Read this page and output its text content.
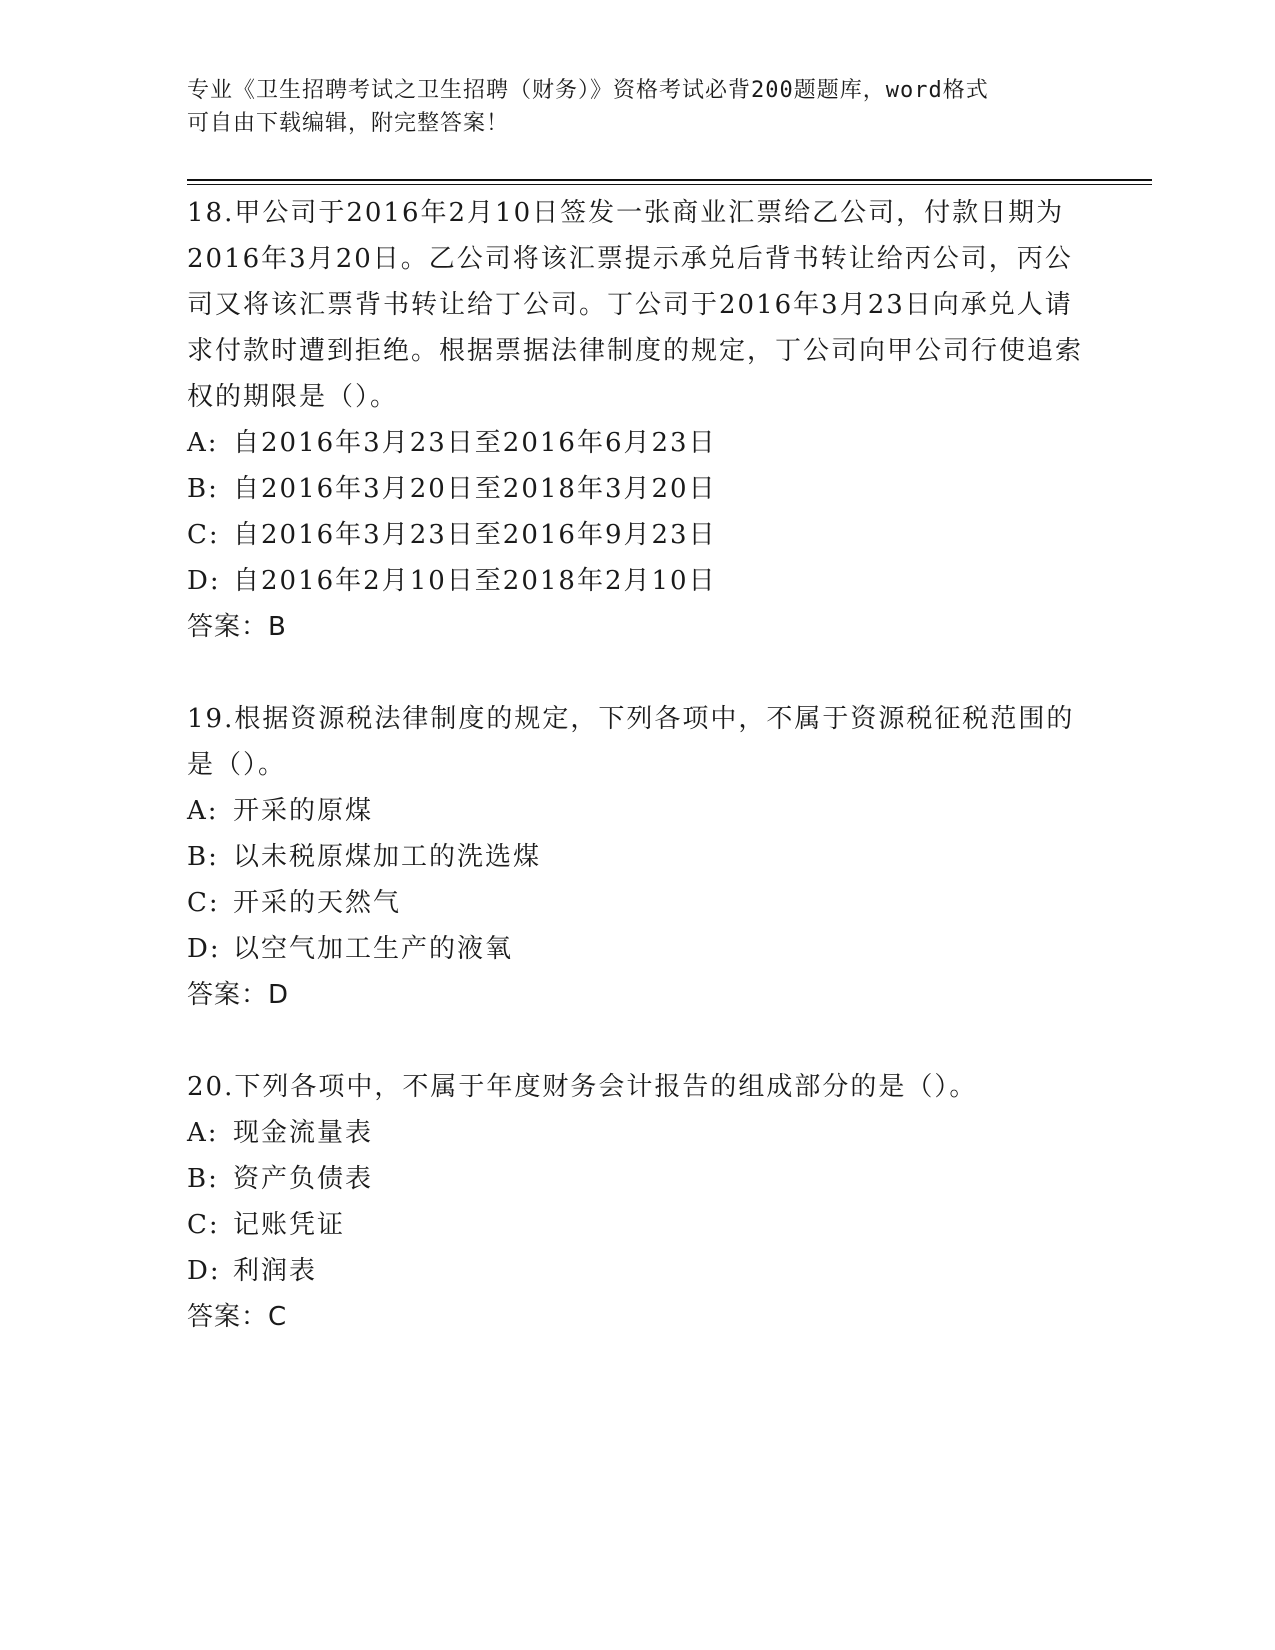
专业《卫生招聘考试之卫生招聘（财务）》资格考试必背200题题库，word格式
可自由下载编辑，附完整答案！

18.甲公司于2016年2月10日签发一张商业汇票给乙公司，付款日期为2016年3月20日。乙公司将该汇票提示承兑后背书转让给丙公司，丙公司又将该汇票背书转让给丁公司。丁公司于2016年3月23日向承兑人请求付款时遭到拒绝。根据票据法律制度的规定，丁公司向甲公司行使追索权的期限是（）。

A: 自2016年3月23日至2016年6月23日

B: 自2016年3月20日至2018年3月20日

C: 自2016年3月23日至2016年9月23日

D: 自2016年2月10日至2018年2月10日

答案：B

19.根据资源税法律制度的规定，下列各项中，不属于资源税征税范围的是（）。

A: 开采的原煤

B: 以未税原煤加工的洗选煤

C: 开采的天然气

D: 以空气加工生产的液氧

答案：D

20.下列各项中，不属于年度财务会计报告的组成部分的是（）。

A: 现金流量表

B: 资产负债表

C: 记账凭证

D: 利润表

答案：C
